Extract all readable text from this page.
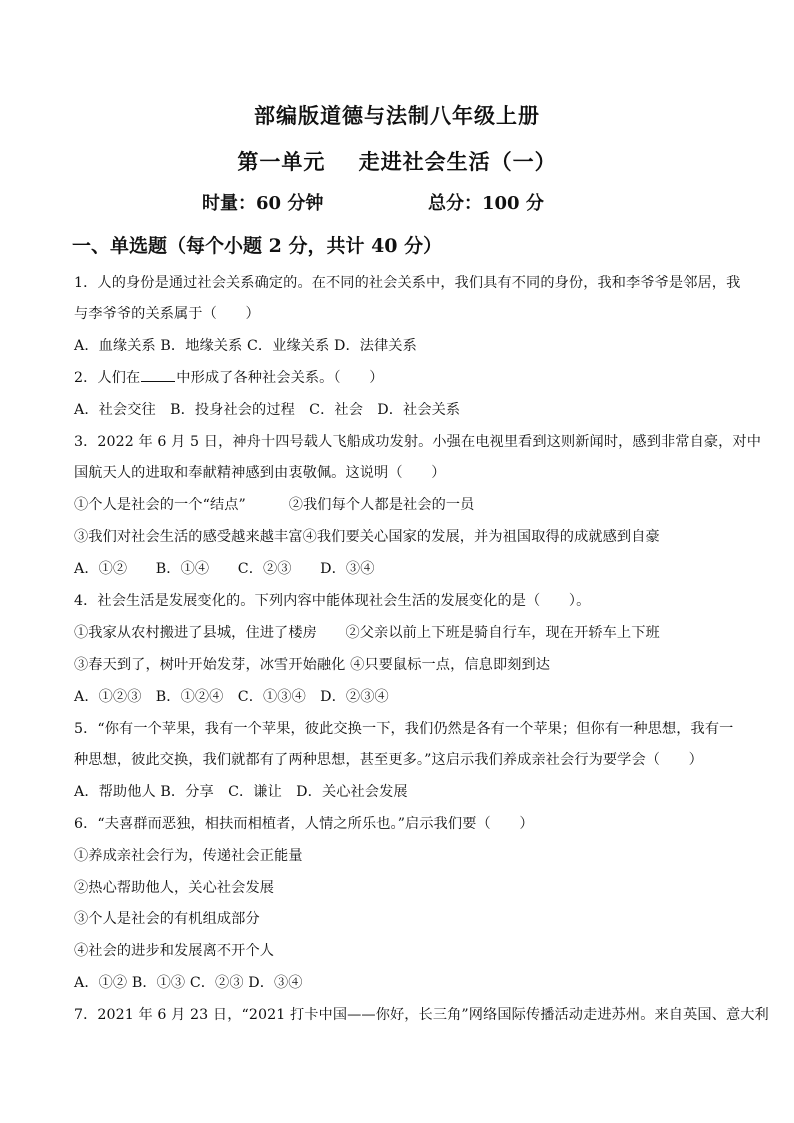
部编版道德与法制八年级上册
第一单元    走进社会生活（一）
时量：60 分钟	总分：100 分
一、单选题（每个小题 2 分，共计 40 分）
1．人的身份是通过社会关系确定的。在不同的社会关系中，我们具有不同的身份，我和李爷爷是邻居，我
与李爷爷的关系属于（　　）
A．血缘关系 B．地缘关系 C．业缘关系 D．法律关系
2．人们在	中形成了各种社会关系。（　　）
A．社会交往　B．投身社会的过程　C．社会　D．社会关系
3．2022 年 6 月 5 日，神舟十四号载人飞船成功发射。小强在电视里看到这则新闻时，感到非常自豪，对中
国航天人的进取和奉献精神感到由衷敬佩。这说明（　　）
①个人是社会的一个“结点”　　　②我们每个人都是社会的一员
③我们对社会生活的感受越来越丰富④我们要关心国家的发展，并为祖国取得的成就感到自豪
A．①②　　B．①④　　C．②③　　D．③④
4．社会生活是发展变化的。下列内容中能体现社会生活的发展变化的是（　　）。
①我家从农村搬进了县城，住进了楼房　　②父亲以前上下班是骑自行车，现在开轿车上下班
③春天到了，树叶开始发芽，冰雪开始融化 ④只要鼠标一点，信息即刻到达
A．①②③　B．①②④　C．①③④　D．②③④
5．“你有一个苹果，我有一个苹果，彼此交换一下，我们仍然是各有一个苹果；但你有一种思想，我有一
种思想，彼此交换，我们就都有了两种思想，甚至更多。”这启示我们养成亲社会行为要学会（　　）
A．帮助他人 B．分享　C．谦让　D．关心社会发展
6．“夫喜群而恶独，相扶而相植者，人情之所乐也。”启示我们要（　　）
①养成亲社会行为，传递社会正能量
②热心帮助他人，关心社会发展
③个人是社会的有机组成部分
④社会的进步和发展离不开个人
A．①② B．①③ C．②③ D．③④
7．2021 年 6 月 23 日，“2021 打卡中国——你好，长三角”网络国际传播活动走进苏州。来自英国、意大利
